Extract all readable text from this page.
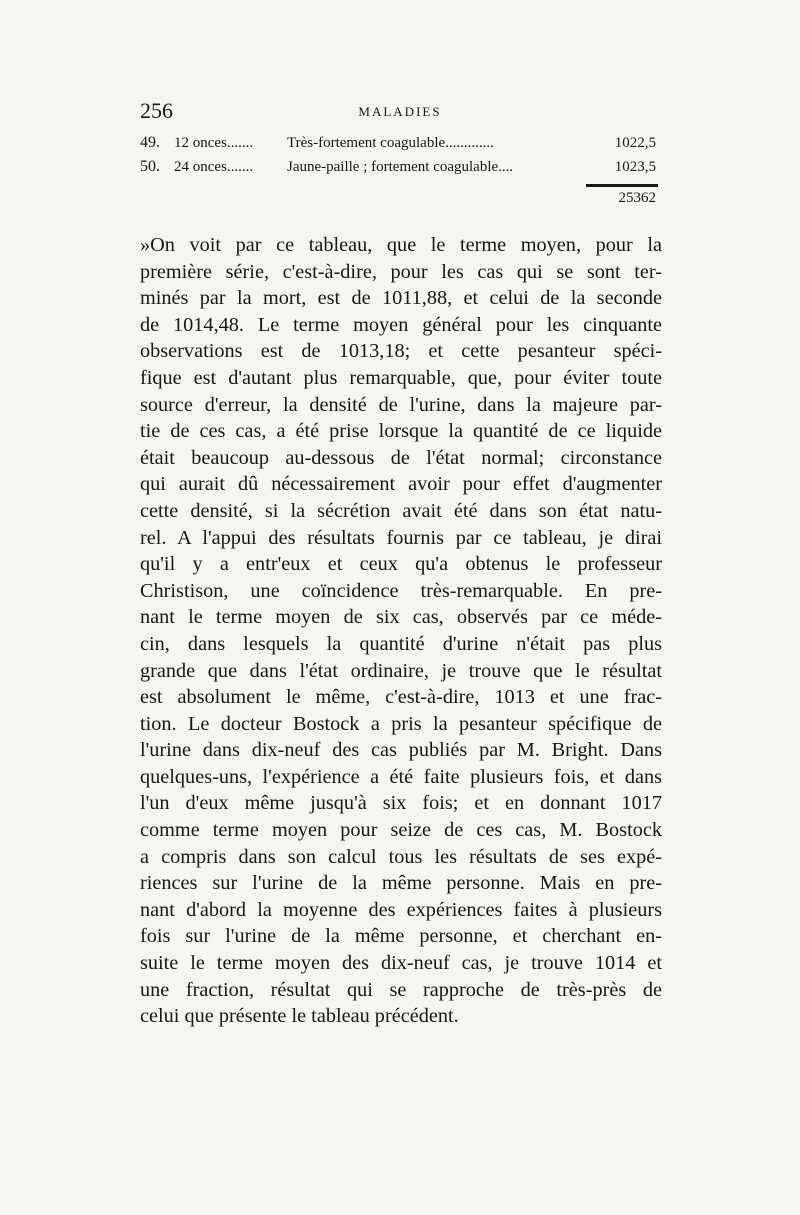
256	MALADIES
49. 12 onces....... Très-fortement coagulable.............	1022,5
50. 24 onces....... Jaune-paille ; fortement coagulable....	1023,5
25362
»On voit par ce tableau, que le terme moyen, pour la
première série, c'est-à-dire, pour les cas qui se sont ter-
minés par la mort, est de 1011,88, et celui de la seconde
de 1014,48. Le terme moyen général pour les cinquante
observations est de 1013,18; et cette pesanteur spéci-
fique est d'autant plus remarquable, que, pour éviter toute
source d'erreur, la densité de l'urine, dans la majeure par-
tie de ces cas, a été prise lorsque la quantité de ce liquide
était beaucoup au-dessous de l'état normal; circonstance
qui aurait dû nécessairement avoir pour effet d'augmenter
cette densité, si la sécrétion avait été dans son état natu-
rel. A l'appui des résultats fournis par ce tableau, je dirai
qu'il y a entr'eux et ceux qu'a obtenus le professeur
Christison, une coïncidence très-remarquable. En pre-
nant le terme moyen de six cas, observés par ce méde-
cin, dans lesquels la quantité d'urine n'était pas plus
grande que dans l'état ordinaire, je trouve que le résultat
est absolument le même, c'est-à-dire, 1013 et une frac-
tion. Le docteur Bostock a pris la pesanteur spécifique de
l'urine dans dix-neuf des cas publiés par M. Bright. Dans
quelques-uns, l'expérience a été faite plusieurs fois, et dans
l'un d'eux même jusqu'à six fois; et en donnant 1017
comme terme moyen pour seize de ces cas, M. Bostock
a compris dans son calcul tous les résultats de ses expé-
riences sur l'urine de la même personne. Mais en pre-
nant d'abord la moyenne des expériences faites à plusieurs
fois sur l'urine de la même personne, et cherchant en-
suite le terme moyen des dix-neuf cas, je trouve 1014 et
une fraction, résultat qui se rapproche de très-près de
celui que présente le tableau précédent.
